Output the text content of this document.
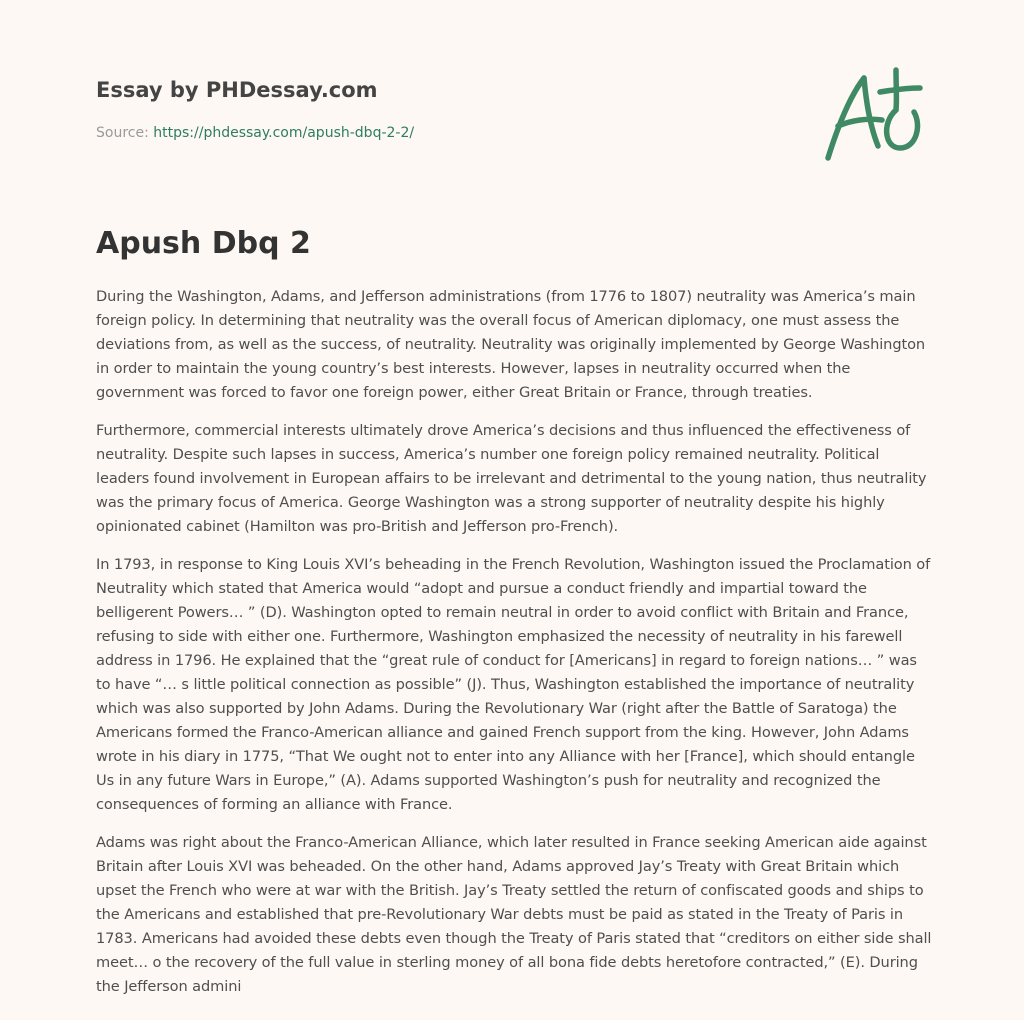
Essay by PHDessay.com
Source: https://phdessay.com/apush-dbq-2-2/
Apush Dbq 2

During the Washington, Adams, and Jefferson administrations (from 1776 to 1807) neutrality was America’s main foreign policy. In determining that neutrality was the overall focus of American diplomacy, one must assess the deviations from, as well as the success, of neutrality. Neutrality was originally implemented by George Washington in order to maintain the young country’s best interests. However, lapses in neutrality occurred when the government was forced to favor one foreign power, either Great Britain or France, through treaties.

Furthermore, commercial interests ultimately drove America’s decisions and thus influenced the effectiveness of neutrality. Despite such lapses in success, America’s number one foreign policy remained neutrality. Political leaders found involvement in European affairs to be irrelevant and detrimental to the young nation, thus neutrality was the primary focus of America. George Washington was a strong supporter of neutrality despite his highly opinionated cabinet (Hamilton was pro-British and Jefferson pro-French).

In 1793, in response to King Louis XVI’s beheading in the French Revolution, Washington issued the Proclamation of Neutrality which stated that America would “adopt and pursue a conduct friendly and impartial toward the belligerent Powers… ” (D). Washington opted to remain neutral in order to avoid conflict with Britain and France, refusing to side with either one. Furthermore, Washington emphasized the necessity of neutrality in his farewell address in 1796. He explained that the “great rule of conduct for [Americans] in regard to foreign nations… ” was to have “… s little political connection as possible” (J). Thus, Washington established the importance of neutrality which was also supported by John Adams. During the Revolutionary War (right after the Battle of Saratoga) the Americans formed the Franco-American alliance and gained French support from the king. However, John Adams wrote in his diary in 1775, “That We ought not to enter into any Alliance with her [France], which should entangle Us in any future Wars in Europe,” (A). Adams supported Washington’s push for neutrality and recognized the consequences of forming an alliance with France.

Adams was right about the Franco-American Alliance, which later resulted in France seeking American aide against Britain after Louis XVI was beheaded. On the other hand, Adams approved Jay’s Treaty with Great Britain which upset the French who were at war with the British. Jay’s Treaty settled the return of confiscated goods and ships to the Americans and established that pre-Revolutionary War debts must be paid as stated in the Treaty of Paris in 1783. Americans had avoided these debts even though the Treaty of Paris stated that “creditors on either side shall meet… o the recovery of the full value in sterling money of all bona fide debts heretofore contracted,” (E). During the Jefferson admini
